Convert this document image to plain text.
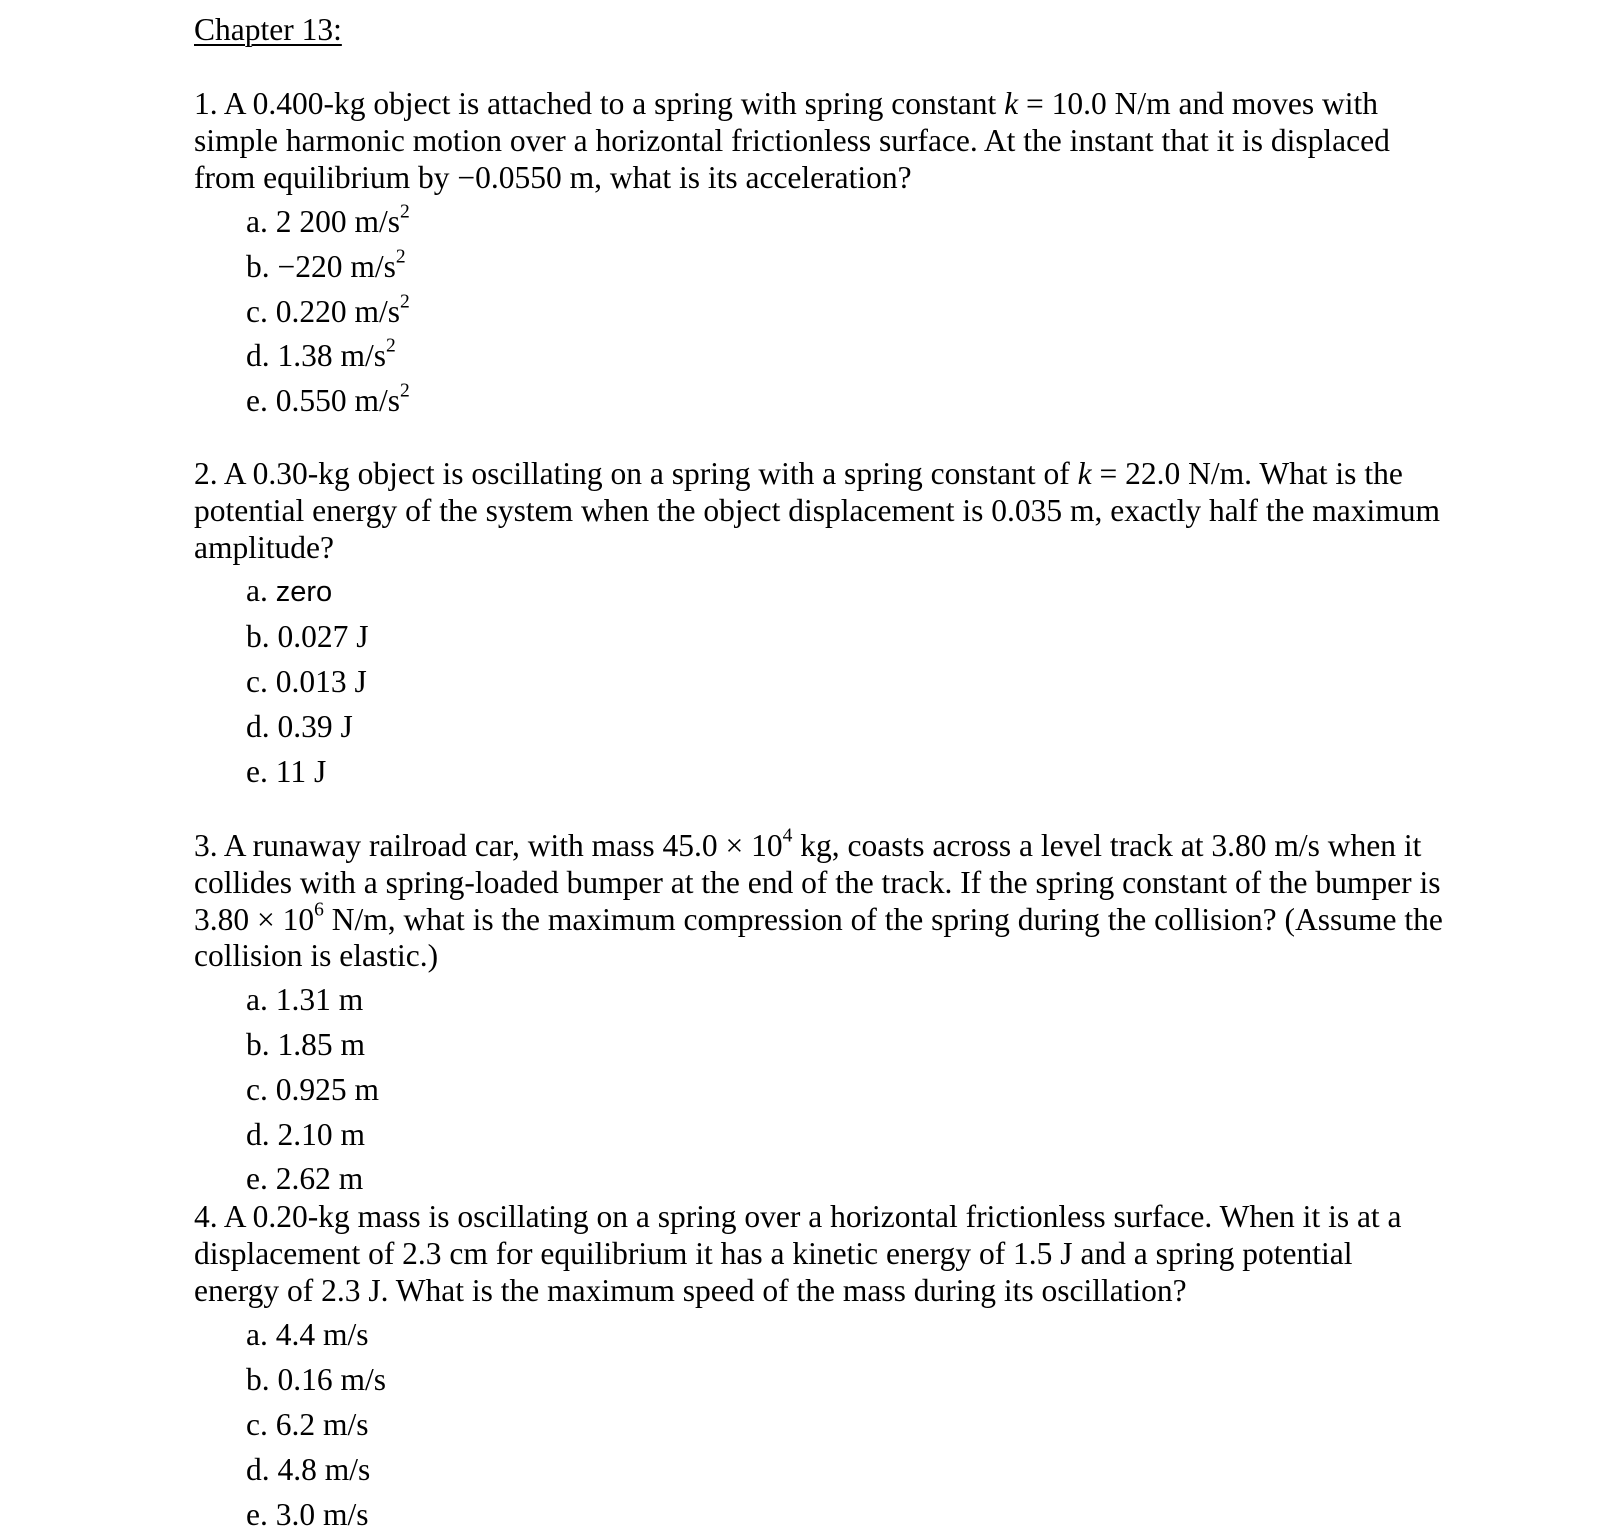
Chapter 13:

1. A 0.400-kg object is attached to a spring with spring constant k = 10.0 N/m and moves with simple harmonic motion over a horizontal frictionless surface. At the instant that it is displaced from equilibrium by −0.0550 m, what is its acceleration?

a. 2 200 $m/s^2$
b. −220 $m/s^2$
c. 0.220 $m/s^2$
d. 1.38 $m/s^2$
e. 0.550 $m/s^2$

2. A 0.30-kg object is oscillating on a spring with a spring constant of k = 22.0 N/m. What is the potential energy of the system when the object displacement is 0.035 m, exactly half the maximum amplitude?

a. zero
b. 0.027 J
c. 0.013 J
d. 0.39 J
e. 11 J

3. A runaway railroad car, with mass $45.0 \times 10^4$ kg, coasts across a level track at 3.80 m/s when it collides with a spring-loaded bumper at the end of the track. If the spring constant of the bumper is $3.80 \times 10^6$ N/m, what is the maximum compression of the spring during the collision? (Assume the collision is elastic.)

a. 1.31 m
b. 1.85 m
c. 0.925 m
d. 2.10 m
e. 2.62 m

4. A 0.20-kg mass is oscillating on a spring over a horizontal frictionless surface. When it is at a displacement of 2.3 cm for equilibrium it has a kinetic energy of 1.5 J and a spring potential energy of 2.3 J. What is the maximum speed of the mass during its oscillation?

a. 4.4 m/s
b. 0.16 m/s
c. 6.2 m/s
d. 4.8 m/s
e. 3.0 m/s
